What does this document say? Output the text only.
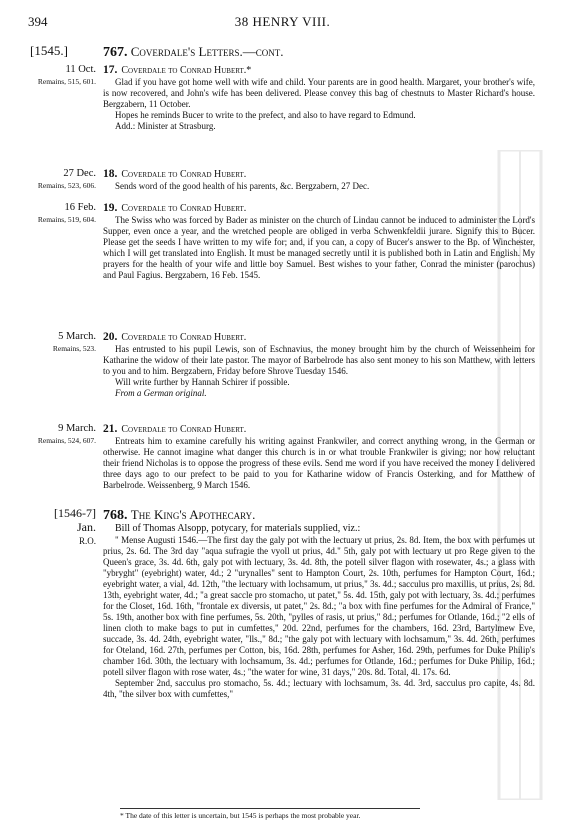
394	38 HENRY VIII.
[1545.]	767. Coverdale's Letters.—cont.
11 Oct.
Remains, 515, 601.
17. Coverdale to Conrad Hubert.*

Glad if you have got home well with wife and child. Your parents are in good health. Margaret, your brother's wife, is now recovered, and John's wife has been delivered. Please convey this bag of chestnuts to Master Richard's house. Bergzabern, 11 October.

Hopes he reminds Bucer to write to the prefect, and also to have regard to Edmund.

Add.: Minister at Strasburg.

27 Dec.
Remains, 523, 606.
18. Coverdale to Conrad Hubert.

Sends word of the good health of his parents, &c. Bergzabern, 27 Dec.

16 Feb.
Remains, 519, 604.
19. Coverdale to Conrad Hubert.

The Swiss who was forced by Bader as minister on the church of Lindau cannot be induced to administer the Lord's Supper, even once a year, and the wretched people are obliged in verba Schwenkfeldii jurare. Signify this to Bucer. Please get the seeds I have written to my wife for; and, if you can, a copy of Bucer's answer to the Bp. of Winchester, which I will get translated into English. It must be managed secretly until it is published both in Latin and English. My prayers for the health of your wife and little boy Samuel. Best wishes to your father, Conrad the minister (parochus) and Paul Fagius. Bergzabern, 16 Feb. 1545.

5 March.
Remains, 523.
20. Coverdale to Conrad Hubert.

Has entrusted to his pupil Lewis, son of Eschnavius, the money brought him by the church of Weissenheim for Katharine the widow of their late pastor. The mayor of Barbelrode has also sent money to his son Matthew, with letters to you and to him. Bergzabern, Friday before Shrove Tuesday 1546.

Will write further by Hannah Schirer if possible.

From a German original.

9 March.
Remains, 524, 607.
21. Coverdale to Conrad Hubert.

Entreats him to examine carefully his writing against Frankwiler, and correct anything wrong, in the German or otherwise. He cannot imagine what danger this church is in or what trouble Frankwiler is giving; nor how reluctant their friend Nicholas is to oppose the progress of these evils. Send me word if you have received the money I delivered three days ago to our prefect to be paid to you for Katharine widow of Francis Osterking, and for Matthew of Barbelrode. Weissenberg, 9 March 1546.

[1546-7]
Jan.
R.O.
768. The King's Apothecary.

Bill of Thomas Alsopp, potycary, for materials supplied, viz.:

" Mense Augusti 1546.—The first day the galy pot with the lectuary ut prius, 2s. 8d. Item, the box with perfumes ut prius, 2s. 6d. The 3rd day "aqua sufragie the vyoll ut prius, 4d." 5th, galy pot with lectuary ut pro Rege given to the Queen's grace, 3s. 4d. 6th, galy pot with lectuary, 3s. 4d. 8th, the potell silver flagon with rosewater, 4s.; a glass with "ybryght" (eyebright) water, 4d.; 2 "urynalles" sent to Hampton Court, 2s. 10th, perfumes for Hampton Court, 16d.; eyebright water, a vial, 4d. 12th, "the lectuary with lochsamum, ut prius," 3s. 4d.; sacculus pro maxillis, ut prius, 2s. 8d. 13th, eyebright water, 4d.; "a great saccle pro stomacho, ut patet," 5s. 4d. 15th, galy pot with lectuary, 3s. 4d.; perfumes for the Closet, 16d. 16th, "frontale ex diversis, ut patet," 2s. 8d.; "a box with fine perfumes for the Admiral of France," 5s. 19th, another box with fine perfumes, 5s. 20th, "pylles of rasis, ut prius," 8d.; perfumes for Otlande, 16d.; "2 ells of linen cloth to make bags to put in cumfettes," 20d. 22nd, perfumes for the chambers, 16d. 23rd, Bartylmew Eve, succade, 3s. 4d. 24th, eyebright water, "lls.," 8d.; "the galy pot with lectuary with lochsamum," 3s. 4d. 26th, perfumes for Oteland, 16d. 27th, perfumes per Cotton, bis, 16d. 28th, perfumes for Asher, 16d. 29th, perfumes for Duke Philip's chamber 16d. 30th, the lectuary with lochsamum, 3s. 4d.; perfumes for Otlande, 16d.; perfumes for Duke Philip, 16d.; potell silver flagon with rose water, 4s.; "the water for wine, 31 days," 20s. 8d. Total, 4l. 17s. 6d.

September 2nd, sacculus pro stomacho, 5s. 4d.; lectuary with lochsamum, 3s. 4d. 3rd, sacculus pro capite, 4s. 8d. 4th, "the silver box with cumfettes,"

* The date of this letter is uncertain, but 1545 is perhaps the most probable year.
